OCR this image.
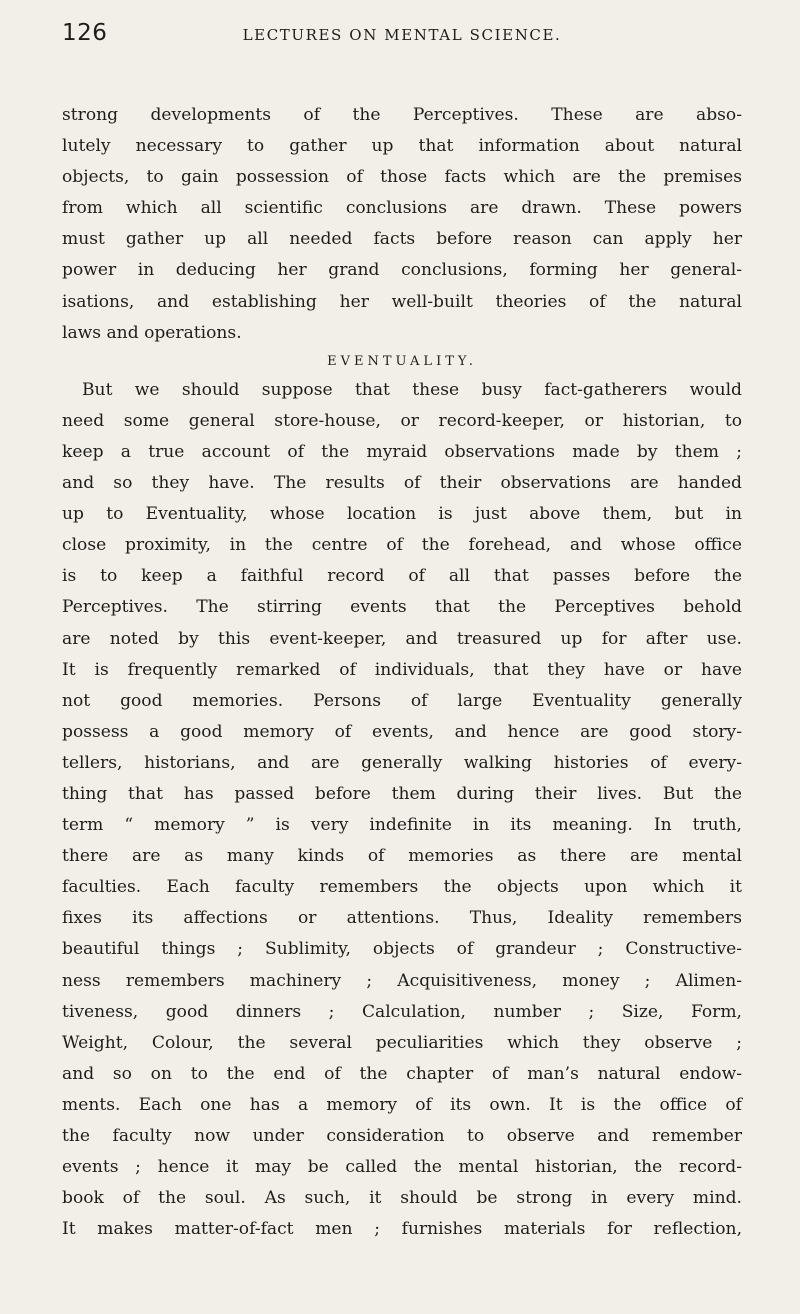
126	LECTURES ON MENTAL SCIENCE.
strong developments of the Perceptives. These are abso-
lutely necessary to gather up that information about natural
objects, to gain possession of those facts which are the premises
from which all scientific conclusions are drawn. These powers
must gather up all needed facts before reason can apply her
power in deducing her grand conclusions, forming her general-
isations, and establishing her well-built theories of the natural
laws and operations.
EVENTUALITY.
But we should suppose that these busy fact-gatherers would
need some general store-house, or record-keeper, or historian, to
keep a true account of the myraid observations made by them ;
and so they have. The results of their observations are handed
up to Eventuality, whose location is just above them, but in
close proximity, in the centre of the forehead, and whose office
is to keep a faithful record of all that passes before the
Perceptives. The stirring events that the Perceptives behold
are noted by this event-keeper, and treasured up for after use.
It is frequently remarked of individuals, that they have or have
not good memories. Persons of large Eventuality generally
possess a good memory of events, and hence are good story-
tellers, historians, and are generally walking histories of every-
thing that has passed before them during their lives. But the
term “ memory ” is very indefinite in its meaning. In truth,
there are as many kinds of memories as there are mental
faculties. Each faculty remembers the objects upon which it
fixes its affections or attentions. Thus, Ideality remembers
beautiful things ; Sublimity, objects of grandeur ; Constructive-
ness remembers machinery ; Acquisitiveness, money ; Alimen-
tiveness, good dinners ; Calculation, number ; Size, Form,
Weight, Colour, the several peculiarities which they observe ;
and so on to the end of the chapter of man’s natural endow-
ments. Each one has a memory of its own. It is the office of
the faculty now under consideration to observe and remember
events ; hence it may be called the mental historian, the record-
book of the soul. As such, it should be strong in every mind.
It makes matter-of-fact men ; furnishes materials for reflection,
